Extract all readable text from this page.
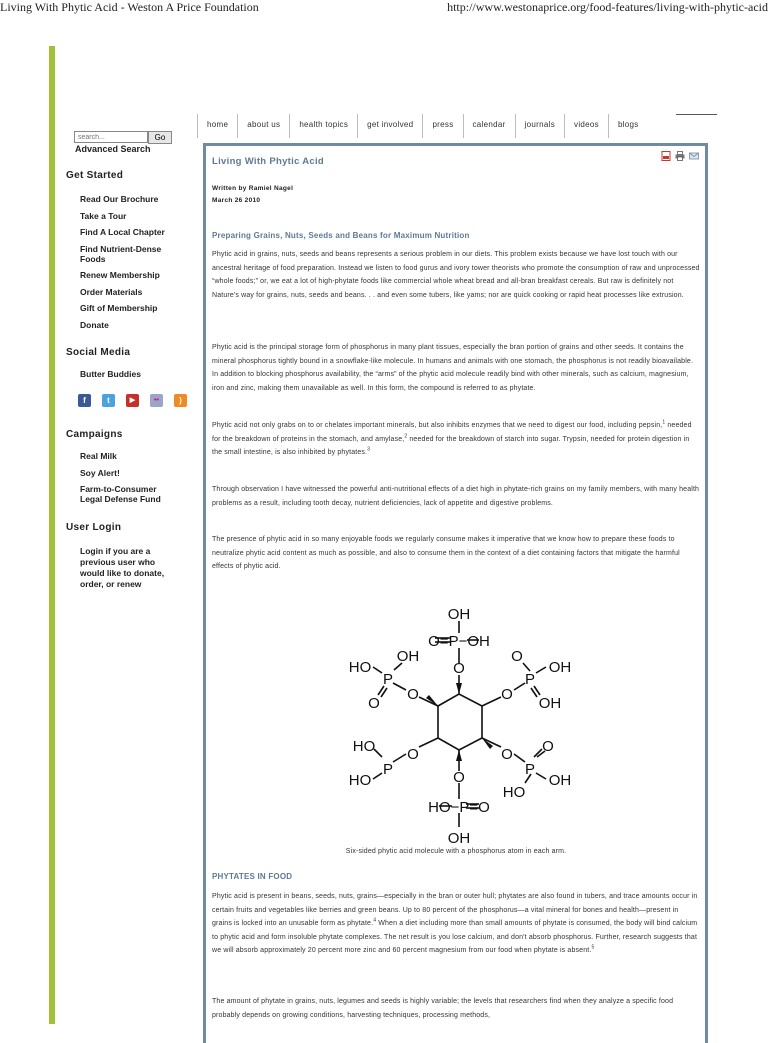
Living With Phytic Acid - Weston A Price Foundation	http://www.westonaprice.org/food-features/living-with-phytic-acid
home	about us	health topics	get involved	press	calendar	journals	videos	blogs
search...
Go
Advanced Search
Get Started
Read Our Brochure
Take a Tour
Find A Local Chapter
Find Nutrient-Dense Foods
Renew Membership
Order Materials
Gift of Membership
Donate
Social Media
Butter Buddies
f	t	▶	••	)
Campaigns
Real Milk
Soy Alert!
Farm-to-Consumer Legal Defense Fund
User Login
Login if you are a previous user who would like to donate, order, or renew
Living With Phytic Acid
Written by Ramiel Nagel
March 26 2010
Preparing Grains, Nuts, Seeds and Beans for Maximum Nutrition

Phytic acid in grains, nuts, seeds and beans represents a serious problem in our diets. This problem exists because we have lost touch with our ancestral heritage of food preparation. Instead we listen to food gurus and ivory tower theorists who promote the consumption of raw and unprocessed “whole foods;” or, we eat a lot of high-phytate foods like commercial whole wheat bread and all-bran breakfast cereals. But raw is definitely not Nature's way for grains, nuts, seeds and beans. . . and even some tubers, like yams; nor are quick cooking or rapid heat processes like extrusion.

Phytic acid is the principal storage form of phosphorus in many plant tissues, especially the bran portion of grains and other seeds. It contains the mineral phosphorus tightly bound in a snowflake-like molecule. In humans and animals with one stomach, the phosphorus is not readily bioavailable. In addition to blocking phosphorus availability, the “arms” of the phytic acid molecule readily bind with other minerals, such as calcium, magnesium, iron and zinc, making them unavailable as well. In this form, the compound is referred to as phytate.

Phytic acid not only grabs on to or chelates important minerals, but also inhibits enzymes that we need to digest our food, including pepsin,$^1$ needed for the breakdown of proteins in the stomach, and amylase,$^2$ needed for the breakdown of starch into sugar. Trypsin, needed for protein digestion in the small intestine, is also inhibited by phytates.$^3$

Through observation I have witnessed the powerful anti-nutritional effects of a diet high in phytate-rich grains on my family members, with many health problems as a result, including tooth decay, nutrient deficiencies, lack of appetite and digestive problems.

The presence of phytic acid in so many enjoyable foods we regularly consume makes it imperative that we know how to prepare these foods to neutralize phytic acid content as much as possible, and also to consume them in the context of a diet containing factors that mitigate the harmful effects of phytic acid.

OH
O=P−OH
O
OH
HO
P
O
O
O
OH
P
O
OH
HO O
P
HO
O
O
P
OH
HO
O
HO−P=O
OH
Six-sided phytic acid molecule with a phosphorus atom in each arm.
PHYTATES IN FOOD

Phytic acid is present in beans, seeds, nuts, grains—especially in the bran or outer hull; phytates are also found in tubers, and trace amounts occur in certain fruits and vegetables like berries and green beans. Up to 80 percent of the phosphorus—a vital mineral for bones and health—present in grains is locked into an unusable form as phytate.$^4$ When a diet including more than small amounts of phytate is consumed, the body will bind calcium to phytic acid and form insoluble phytate complexes. The net result is you lose calcium, and don't absorb phosphorus. Further, research suggests that we will absorb approximately 20 percent more zinc and 60 percent magnesium from our food when phytate is absent.$^5$

The amount of phytate in grains, nuts, legumes and seeds is highly variable; the levels that researchers find when they analyze a specific food probably depends on growing conditions, harvesting techniques, processing methods,
